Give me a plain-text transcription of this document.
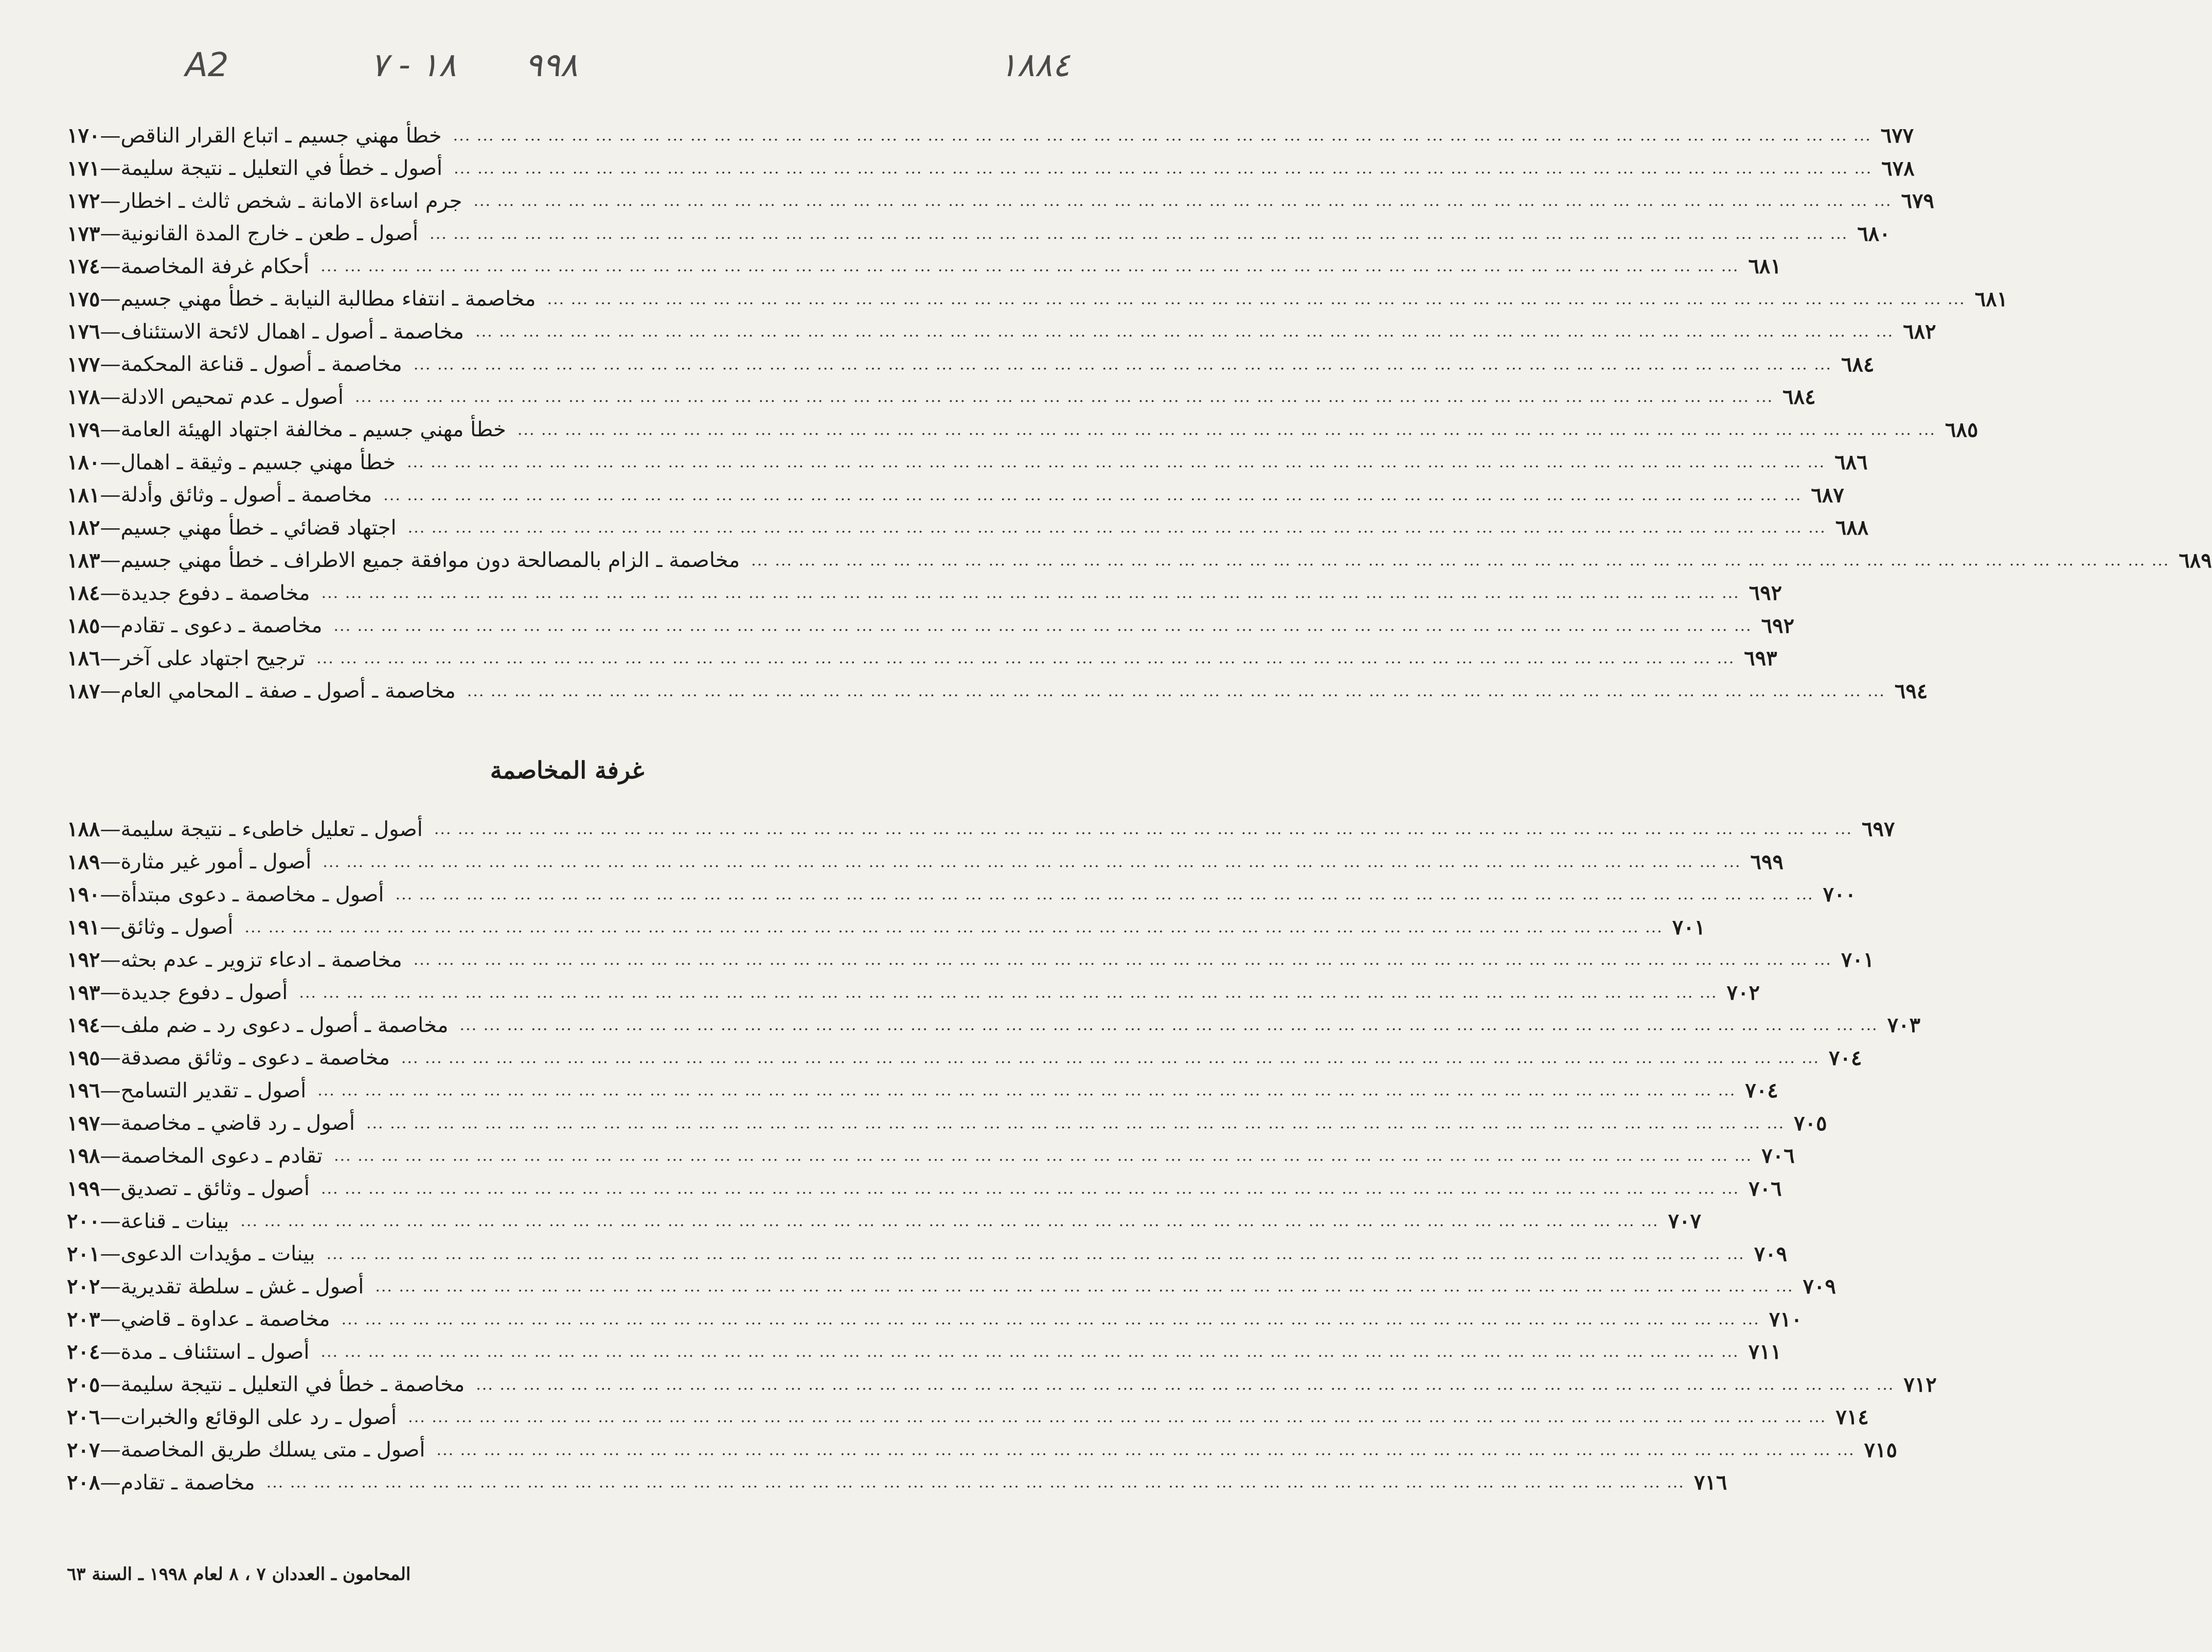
١٨٨٤
١٨ - ٧ ٩٩٨
A2
١٧٠ — خطأ مهني جسيم ـ اتباع القرار الناقص ... ... ... ... ... ... ... ... ... ... ... ... ... ... ... ... ... ... ... ... ... ... ... ... ... ... ... ... ... ... ... ... ... ... ... ... ... ... ... ... ... ... ... ... ... ... ... ... ... ... ... ... ... ... ... ... ... ... ... ... ٦٧٧
١٧١ — أصول ـ خطأ في التعليل ـ نتيجة سليمة ... ... ... ... ... ... ... ... ... ... ... ... ... ... ... ... ... ... ... ... ... ... ... ... ... ... ... ... ... ... ... ... ... ... ... ... ... ... ... ... ... ... ... ... ... ... ... ... ... ... ... ... ... ... ... ... ... ... ... ... ٦٧٨
١٧٢ — جرم اساءة الامانة ـ شخص ثالث ـ اخطار ... ... ... ... ... ... ... ... ... ... ... ... ... ... ... ... ... ... ... ... ... ... ... ... ... ... ... ... ... ... ... ... ... ... ... ... ... ... ... ... ... ... ... ... ... ... ... ... ... ... ... ... ... ... ... ... ... ... ... ... ٦٧٩
١٧٣ — أصول ـ طعن ـ خارج المدة القانونية ... ... ... ... ... ... ... ... ... ... ... ... ... ... ... ... ... ... ... ... ... ... ... ... ... ... ... ... ... ... ... ... ... ... ... ... ... ... ... ... ... ... ... ... ... ... ... ... ... ... ... ... ... ... ... ... ... ... ... ... ٦٨٠
١٧٤ — أحكام غرفة المخاصمة ... ... ... ... ... ... ... ... ... ... ... ... ... ... ... ... ... ... ... ... ... ... ... ... ... ... ... ... ... ... ... ... ... ... ... ... ... ... ... ... ... ... ... ... ... ... ... ... ... ... ... ... ... ... ... ... ... ... ... ... ٦٨١
١٧٥ — مخاصمة ـ انتفاء مطالبة النيابة ـ خطأ مهني جسيم ... ... ... ... ... ... ... ... ... ... ... ... ... ... ... ... ... ... ... ... ... ... ... ... ... ... ... ... ... ... ... ... ... ... ... ... ... ... ... ... ... ... ... ... ... ... ... ... ... ... ... ... ... ... ... ... ... ... ... ... ٦٨١
١٧٦ — مخاصمة ـ أصول ـ اهمال لائحة الاستئناف ... ... ... ... ... ... ... ... ... ... ... ... ... ... ... ... ... ... ... ... ... ... ... ... ... ... ... ... ... ... ... ... ... ... ... ... ... ... ... ... ... ... ... ... ... ... ... ... ... ... ... ... ... ... ... ... ... ... ... ... ٦٨٢
١٧٧ — مخاصمة ـ أصول ـ قناعة المحكمة ... ... ... ... ... ... ... ... ... ... ... ... ... ... ... ... ... ... ... ... ... ... ... ... ... ... ... ... ... ... ... ... ... ... ... ... ... ... ... ... ... ... ... ... ... ... ... ... ... ... ... ... ... ... ... ... ... ... ... ... ٦٨٤
١٧٨ — أصول ـ عدم تمحيص الادلة ... ... ... ... ... ... ... ... ... ... ... ... ... ... ... ... ... ... ... ... ... ... ... ... ... ... ... ... ... ... ... ... ... ... ... ... ... ... ... ... ... ... ... ... ... ... ... ... ... ... ... ... ... ... ... ... ... ... ... ... ٦٨٤
١٧٩ — خطأ مهني جسيم ـ مخالفة اجتهاد الهيئة العامة ... ... ... ... ... ... ... ... ... ... ... ... ... ... ... ... ... ... ... ... ... ... ... ... ... ... ... ... ... ... ... ... ... ... ... ... ... ... ... ... ... ... ... ... ... ... ... ... ... ... ... ... ... ... ... ... ... ... ... ... ٦٨٥
١٨٠ — خطأ مهني جسيم ـ وثيقة ـ اهمال ... ... ... ... ... ... ... ... ... ... ... ... ... ... ... ... ... ... ... ... ... ... ... ... ... ... ... ... ... ... ... ... ... ... ... ... ... ... ... ... ... ... ... ... ... ... ... ... ... ... ... ... ... ... ... ... ... ... ... ... ٦٨٦
١٨١ — مخاصمة ـ أصول ـ وثائق وأدلة ... ... ... ... ... ... ... ... ... ... ... ... ... ... ... ... ... ... ... ... ... ... ... ... ... ... ... ... ... ... ... ... ... ... ... ... ... ... ... ... ... ... ... ... ... ... ... ... ... ... ... ... ... ... ... ... ... ... ... ... ٦٨٧
١٨٢ — اجتهاد قضائي ـ خطأ مهني جسيم ... ... ... ... ... ... ... ... ... ... ... ... ... ... ... ... ... ... ... ... ... ... ... ... ... ... ... ... ... ... ... ... ... ... ... ... ... ... ... ... ... ... ... ... ... ... ... ... ... ... ... ... ... ... ... ... ... ... ... ... ٦٨٨
١٨٣ — مخاصمة ـ الزام بالمصالحة دون موافقة جميع الاطراف ـ خطأ مهني جسيم ... ... ... ... ... ... ... ... ... ... ... ... ... ... ... ... ... ... ... ... ... ... ... ... ... ... ... ... ... ... ... ... ... ... ... ... ... ... ... ... ... ... ... ... ... ... ... ... ... ... ... ... ... ... ... ... ... ... ... ... ٦٨٩
١٨٤ — مخاصمة ـ دفوع جديدة ... ... ... ... ... ... ... ... ... ... ... ... ... ... ... ... ... ... ... ... ... ... ... ... ... ... ... ... ... ... ... ... ... ... ... ... ... ... ... ... ... ... ... ... ... ... ... ... ... ... ... ... ... ... ... ... ... ... ... ... ٦٩٢
١٨٥ — مخاصمة ـ دعوى ـ تقادم ... ... ... ... ... ... ... ... ... ... ... ... ... ... ... ... ... ... ... ... ... ... ... ... ... ... ... ... ... ... ... ... ... ... ... ... ... ... ... ... ... ... ... ... ... ... ... ... ... ... ... ... ... ... ... ... ... ... ... ... ٦٩٢
١٨٦ — ترجيح اجتهاد على آخر ... ... ... ... ... ... ... ... ... ... ... ... ... ... ... ... ... ... ... ... ... ... ... ... ... ... ... ... ... ... ... ... ... ... ... ... ... ... ... ... ... ... ... ... ... ... ... ... ... ... ... ... ... ... ... ... ... ... ... ... ٦٩٣
١٨٧ — مخاصمة ـ أصول ـ صفة ـ المحامي العام ... ... ... ... ... ... ... ... ... ... ... ... ... ... ... ... ... ... ... ... ... ... ... ... ... ... ... ... ... ... ... ... ... ... ... ... ... ... ... ... ... ... ... ... ... ... ... ... ... ... ... ... ... ... ... ... ... ... ... ... ٦٩٤
غرفة المخاصمة
١٨٨ — أصول ـ تعليل خاطىء ـ نتيجة سليمة ... ... ... ... ... ... ... ... ... ... ... ... ... ... ... ... ... ... ... ... ... ... ... ... ... ... ... ... ... ... ... ... ... ... ... ... ... ... ... ... ... ... ... ... ... ... ... ... ... ... ... ... ... ... ... ... ... ... ... ... ٦٩٧
١٨٩ — أصول ـ أمور غير مثارة ... ... ... ... ... ... ... ... ... ... ... ... ... ... ... ... ... ... ... ... ... ... ... ... ... ... ... ... ... ... ... ... ... ... ... ... ... ... ... ... ... ... ... ... ... ... ... ... ... ... ... ... ... ... ... ... ... ... ... ... ٦٩٩
١٩٠ — أصول ـ مخاصمة ـ دعوى مبتدأة ... ... ... ... ... ... ... ... ... ... ... ... ... ... ... ... ... ... ... ... ... ... ... ... ... ... ... ... ... ... ... ... ... ... ... ... ... ... ... ... ... ... ... ... ... ... ... ... ... ... ... ... ... ... ... ... ... ... ... ... ٧٠٠
١٩١ — أصول ـ وثائق ... ... ... ... ... ... ... ... ... ... ... ... ... ... ... ... ... ... ... ... ... ... ... ... ... ... ... ... ... ... ... ... ... ... ... ... ... ... ... ... ... ... ... ... ... ... ... ... ... ... ... ... ... ... ... ... ... ... ... ... ٧٠١
١٩٢ — مخاصمة ـ ادعاء تزوير ـ عدم بحثه ... ... ... ... ... ... ... ... ... ... ... ... ... ... ... ... ... ... ... ... ... ... ... ... ... ... ... ... ... ... ... ... ... ... ... ... ... ... ... ... ... ... ... ... ... ... ... ... ... ... ... ... ... ... ... ... ... ... ... ... ٧٠١
١٩٣ — أصول ـ دفوع جديدة ... ... ... ... ... ... ... ... ... ... ... ... ... ... ... ... ... ... ... ... ... ... ... ... ... ... ... ... ... ... ... ... ... ... ... ... ... ... ... ... ... ... ... ... ... ... ... ... ... ... ... ... ... ... ... ... ... ... ... ... ٧٠٢
١٩٤ — مخاصمة ـ أصول ـ دعوى رد ـ ضم ملف ... ... ... ... ... ... ... ... ... ... ... ... ... ... ... ... ... ... ... ... ... ... ... ... ... ... ... ... ... ... ... ... ... ... ... ... ... ... ... ... ... ... ... ... ... ... ... ... ... ... ... ... ... ... ... ... ... ... ... ... ٧٠٣
١٩٥ — مخاصمة ـ دعوى ـ وثائق مصدقة ... ... ... ... ... ... ... ... ... ... ... ... ... ... ... ... ... ... ... ... ... ... ... ... ... ... ... ... ... ... ... ... ... ... ... ... ... ... ... ... ... ... ... ... ... ... ... ... ... ... ... ... ... ... ... ... ... ... ... ... ٧٠٤
١٩٦ — أصول ـ تقدير التسامح ... ... ... ... ... ... ... ... ... ... ... ... ... ... ... ... ... ... ... ... ... ... ... ... ... ... ... ... ... ... ... ... ... ... ... ... ... ... ... ... ... ... ... ... ... ... ... ... ... ... ... ... ... ... ... ... ... ... ... ... ٧٠٤
١٩٧ — أصول ـ رد قاضي ـ مخاصمة ... ... ... ... ... ... ... ... ... ... ... ... ... ... ... ... ... ... ... ... ... ... ... ... ... ... ... ... ... ... ... ... ... ... ... ... ... ... ... ... ... ... ... ... ... ... ... ... ... ... ... ... ... ... ... ... ... ... ... ... ٧٠٥
١٩٨ — تقادم ـ دعوى المخاصمة ... ... ... ... ... ... ... ... ... ... ... ... ... ... ... ... ... ... ... ... ... ... ... ... ... ... ... ... ... ... ... ... ... ... ... ... ... ... ... ... ... ... ... ... ... ... ... ... ... ... ... ... ... ... ... ... ... ... ... ... ٧٠٦
١٩٩ — أصول ـ وثائق ـ تصديق ... ... ... ... ... ... ... ... ... ... ... ... ... ... ... ... ... ... ... ... ... ... ... ... ... ... ... ... ... ... ... ... ... ... ... ... ... ... ... ... ... ... ... ... ... ... ... ... ... ... ... ... ... ... ... ... ... ... ... ... ٧٠٦
٢٠٠ — بينات ـ قناعة ... ... ... ... ... ... ... ... ... ... ... ... ... ... ... ... ... ... ... ... ... ... ... ... ... ... ... ... ... ... ... ... ... ... ... ... ... ... ... ... ... ... ... ... ... ... ... ... ... ... ... ... ... ... ... ... ... ... ... ... ٧٠٧
٢٠١ — بينات ـ مؤيدات الدعوى ... ... ... ... ... ... ... ... ... ... ... ... ... ... ... ... ... ... ... ... ... ... ... ... ... ... ... ... ... ... ... ... ... ... ... ... ... ... ... ... ... ... ... ... ... ... ... ... ... ... ... ... ... ... ... ... ... ... ... ... ٧٠٩
٢٠٢ — أصول ـ غش ـ سلطة تقديرية ... ... ... ... ... ... ... ... ... ... ... ... ... ... ... ... ... ... ... ... ... ... ... ... ... ... ... ... ... ... ... ... ... ... ... ... ... ... ... ... ... ... ... ... ... ... ... ... ... ... ... ... ... ... ... ... ... ... ... ... ٧٠٩
٢٠٣ — مخاصمة ـ عداوة ـ قاضي ... ... ... ... ... ... ... ... ... ... ... ... ... ... ... ... ... ... ... ... ... ... ... ... ... ... ... ... ... ... ... ... ... ... ... ... ... ... ... ... ... ... ... ... ... ... ... ... ... ... ... ... ... ... ... ... ... ... ... ... ٧١٠
٢٠٤ — أصول ـ استئناف ـ مدة ... ... ... ... ... ... ... ... ... ... ... ... ... ... ... ... ... ... ... ... ... ... ... ... ... ... ... ... ... ... ... ... ... ... ... ... ... ... ... ... ... ... ... ... ... ... ... ... ... ... ... ... ... ... ... ... ... ... ... ... ٧١١
٢٠٥ — مخاصمة ـ خطأ في التعليل ـ نتيجة سليمة ... ... ... ... ... ... ... ... ... ... ... ... ... ... ... ... ... ... ... ... ... ... ... ... ... ... ... ... ... ... ... ... ... ... ... ... ... ... ... ... ... ... ... ... ... ... ... ... ... ... ... ... ... ... ... ... ... ... ... ... ٧١٢
٢٠٦ — أصول ـ رد على الوقائع والخبرات ... ... ... ... ... ... ... ... ... ... ... ... ... ... ... ... ... ... ... ... ... ... ... ... ... ... ... ... ... ... ... ... ... ... ... ... ... ... ... ... ... ... ... ... ... ... ... ... ... ... ... ... ... ... ... ... ... ... ... ... ٧١٤
٢٠٧ — أصول ـ متى يسلك طريق المخاصمة ... ... ... ... ... ... ... ... ... ... ... ... ... ... ... ... ... ... ... ... ... ... ... ... ... ... ... ... ... ... ... ... ... ... ... ... ... ... ... ... ... ... ... ... ... ... ... ... ... ... ... ... ... ... ... ... ... ... ... ... ٧١٥
٢٠٨ — مخاصمة ـ تقادم ... ... ... ... ... ... ... ... ... ... ... ... ... ... ... ... ... ... ... ... ... ... ... ... ... ... ... ... ... ... ... ... ... ... ... ... ... ... ... ... ... ... ... ... ... ... ... ... ... ... ... ... ... ... ... ... ... ... ... ... ٧١٦
المحامون ـ العددان ٧ ، ٨ لعام ١٩٩٨ ـ السنة ٦٣
